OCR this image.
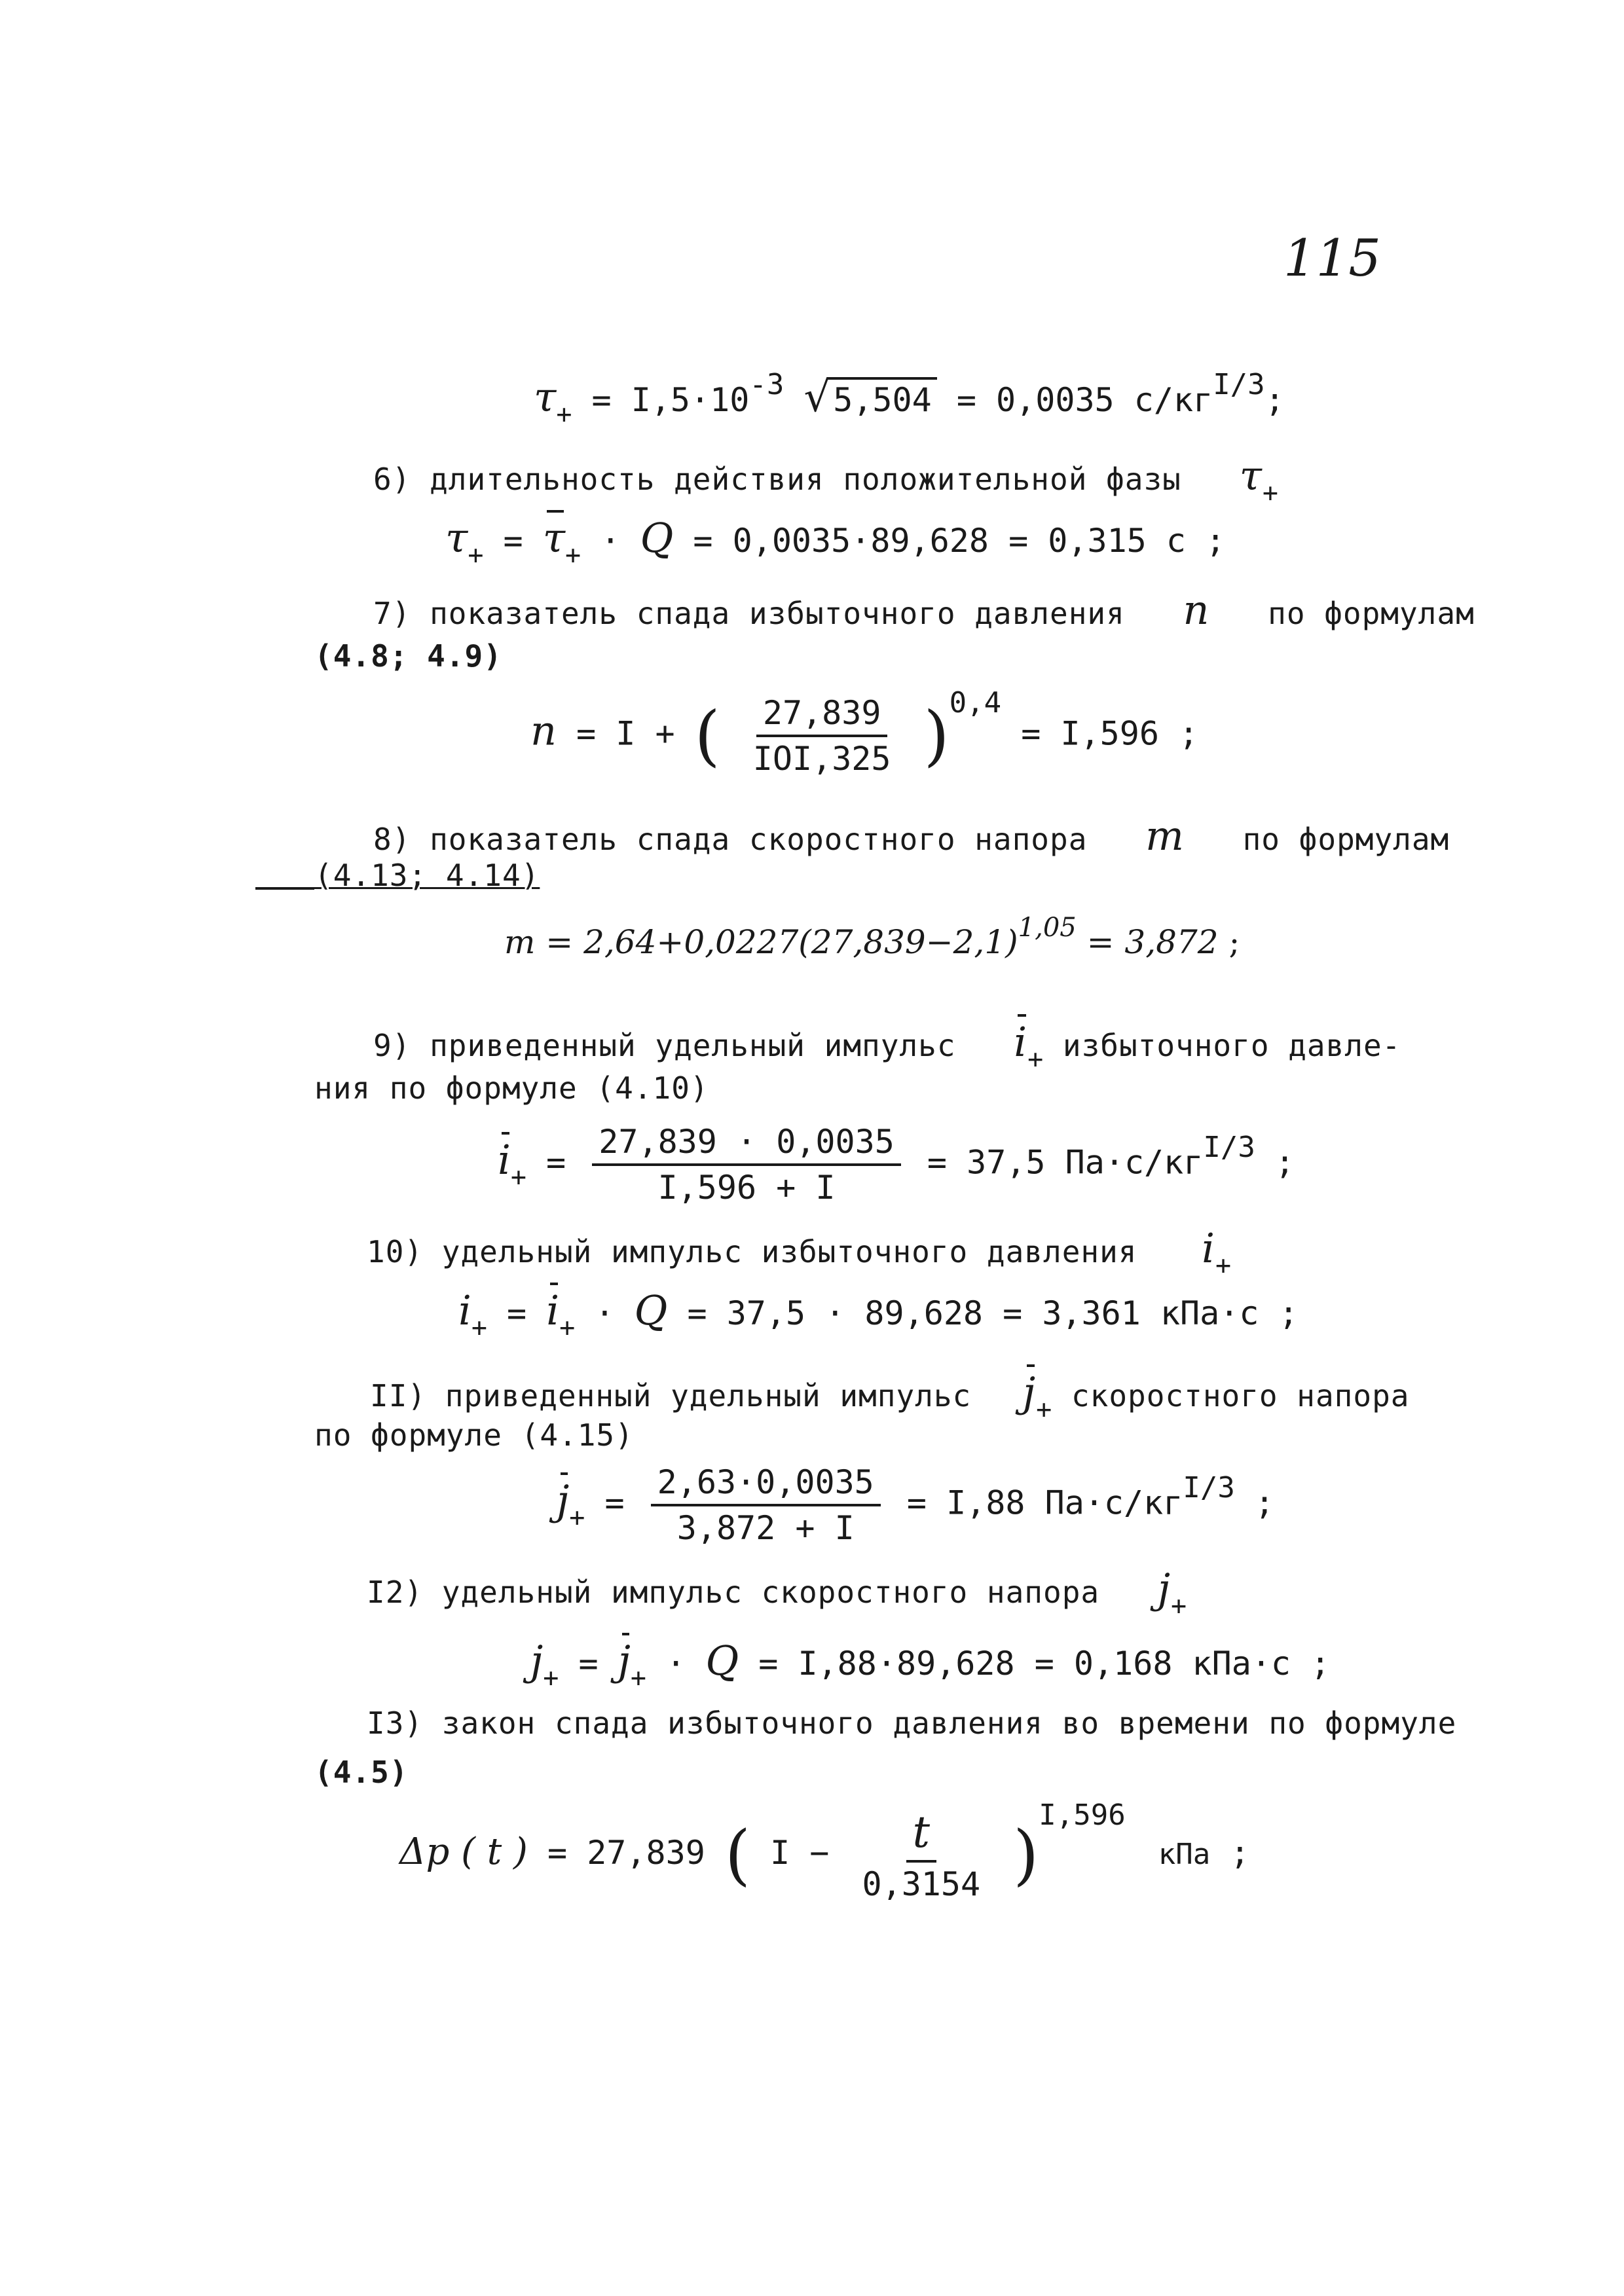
115
$\tau_+ = I,5\cdot 10-3$ √5,504 = 0,0035 с/кгI/3;
6) длительность действия положительной фазы τ+
$\tau_+ = \tau_+ \cdot Q = 0,0035\cdot 89,628 = 0,315$ с ;
7) показатель спада избыточного давления n по формулам
(4.8; 4.9)
n = I + ( $\frac{27,839}{\text{IOI,325}} )0,4 = I,596$ ;
8) показатель спада скоростного напора m по формулам
(4.13; 4.14)
$m = 2,64+0,0227(27,839-2,1)^{1,05} = 3,872$ ;
9) приведенный удельный импульс i+ избыточного давле-
ния по формуле (4.10)
$i_+ = \frac{27,839 \cdot 0,0035}{I,596 + I} = 37,5$ Па·с/кгI/3 ;
10) удельный импульс избыточного давления i+
$i_+ = i_+ \cdot Q = 37,5 \cdot 89,628 = 3,361$ кПа·с ;
II) приведенный удельный импульс j+ скоростного напора
по формуле (4.15)
$j_+ = \frac{2,63\cdot 0,0035}{3,872 + I} = I,88$ Па·с/кгI/3 ;
I2) удельный импульс скоростного напора j+
$j_+ = j_+ \cdot Q = I,88\cdot 89,628 = 0,168$ кПа·с ;
I3) закон спада избыточного давления во времени по формуле
(4.5)
Δp ( t ) = 27,839 ( $I - \frac{t}{0,3154} )I,596$ кПа ;
